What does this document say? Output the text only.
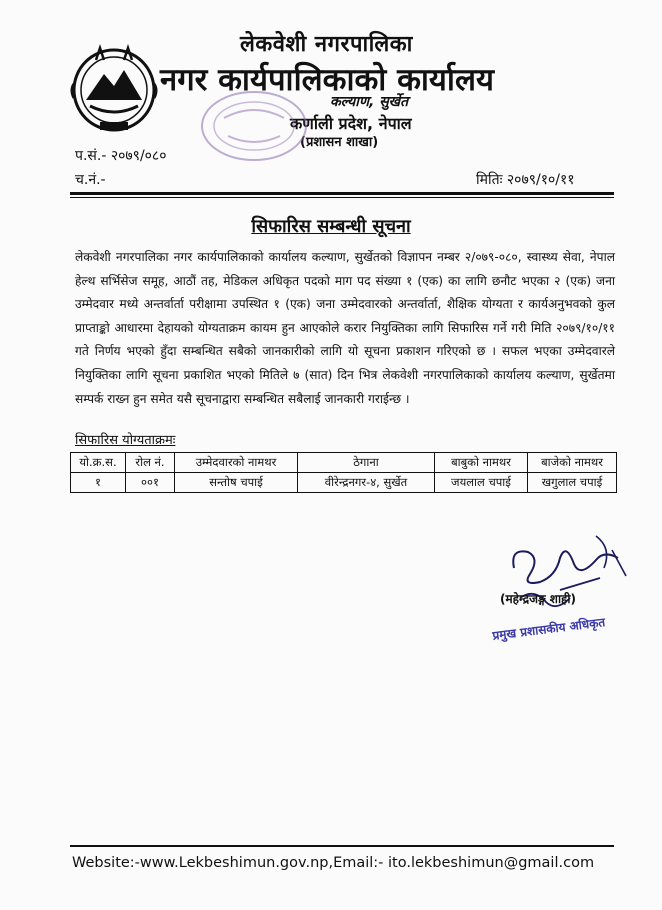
लेकवेशी नगरपालिका
नगर कार्यपालिकाको कार्यालय
कल्याण, सुर्खेत
कर्णाली प्रदेश, नेपाल
(प्रशासन शाखा)
प.सं.- २०७९/०८०
च.नं.-	मितिः २०७९/१०/११
सिफारिस सम्बन्धी सूचना
लेकवेशी नगरपालिका नगर कार्यपालिकाको कार्यालय कल्याण, सुर्खेतको विज्ञापन नम्बर २/०७९-०८०, स्वास्थ्य सेवा, नेपाल हेल्थ सर्भिसेज समूह, आठौं तह, मेडिकल अधिकृत पदको माग पद संख्या १ (एक) का लागि छनौट भएका २ (एक) जना उम्मेदवार मध्ये अन्तर्वार्ता परीक्षामा उपस्थित १ (एक) जना उम्मेदवारको अन्तर्वार्ता, शैक्षिक योग्यता र कार्यअनुभवको कुल प्राप्ताङ्को आधारमा देहायको योग्यताक्रम कायम हुन आएकोले करार नियुक्तिका लागि सिफारिस गर्ने गरी मिति २०७९/१०/११ गते निर्णय भएको हुँदा सम्बन्धित सबैको जानकारीको लागि यो सूचना प्रकाशन गरिएको छ । सफल भएका उम्मेदवारले नियुक्तिका लागि सूचना प्रकाशित भएको मितिले ७ (सात) दिन भित्र लेकवेशी नगरपालिकाको कार्यालय कल्याण, सुर्खेतमा सम्पर्क राख्न हुन समेत यसै सूचनाद्वारा सम्बन्धित सबैलाई जानकारी गराईन्छ ।
सिफारिस योग्यताक्रमः
यो.क्र.स.	रोल नं.	उम्मेदवारको नामथर	ठेगाना	बाबुको नामथर	बाजेको नामथर
१	००१	सन्तोष चपाई	वीरेन्द्रनगर-४, सुर्खेत	जयलाल चपाई	खगुलाल चपाई
(महेन्द्रजङ्ग शाही)
प्रमुख प्रशासकीय अधिकृत
Website:-www.Lekbeshimun.gov.np,Email:- ito.lekbeshimun@gmail.com
